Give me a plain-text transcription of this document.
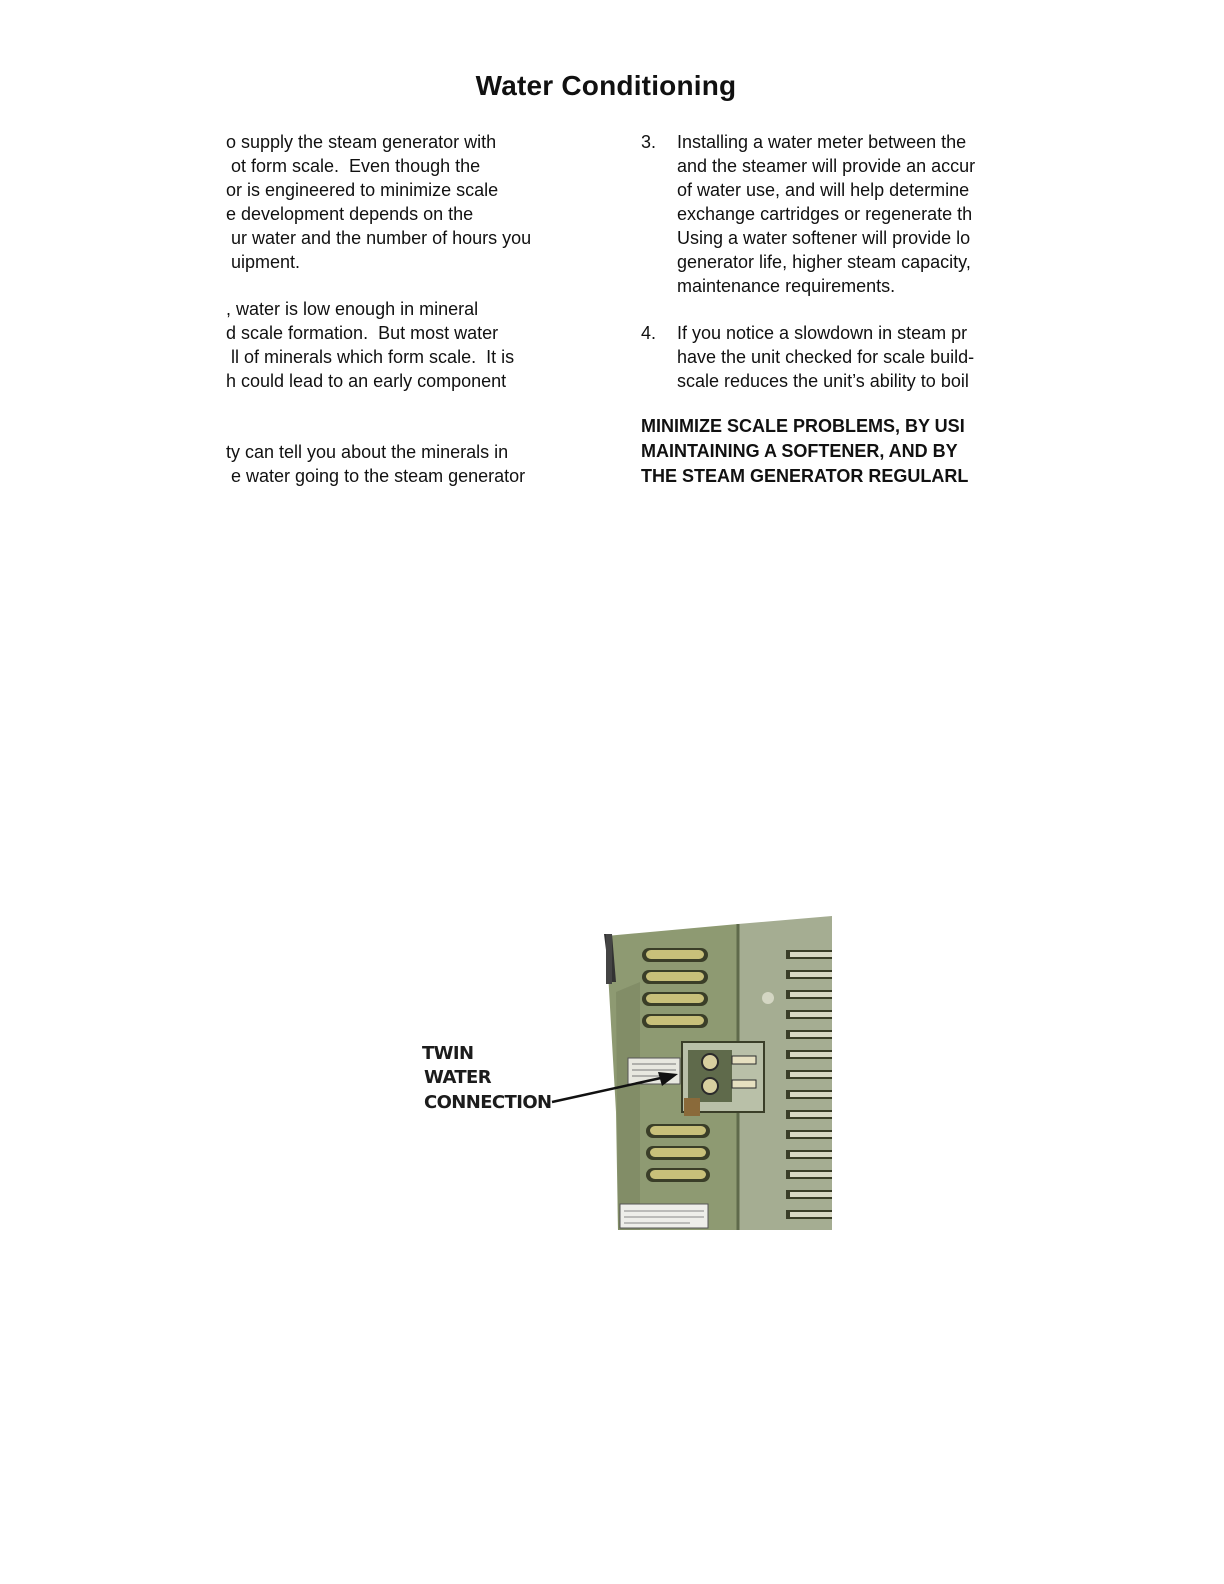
Water Conditioning
o supply the steam generator with
ot form scale.  Even though the
or is engineered to minimize scale
e development depends on the
ur water and the number of hours you
uipment.
, water is low enough in mineral
d scale formation.  But most water
ll of minerals which form scale.  It is
h could lead to an early component
ty can tell you about the minerals in
e water going to the steam generator
3. Installing a water meter between the
and the steamer will provide an accur
of water use, and will help determine
exchange cartridges or regenerate th
Using a water softener will provide lo
generator life, higher steam capacity,
maintenance requirements.
4. If you notice a slowdown in steam pr
have the unit checked for scale build-
scale reduces the unit’s ability to boil
MINIMIZE SCALE PROBLEMS, BY USI
MAINTAINING A SOFTENER, AND BY
THE STEAM GENERATOR REGULARL
TWIN
WATER
CONNECTION
